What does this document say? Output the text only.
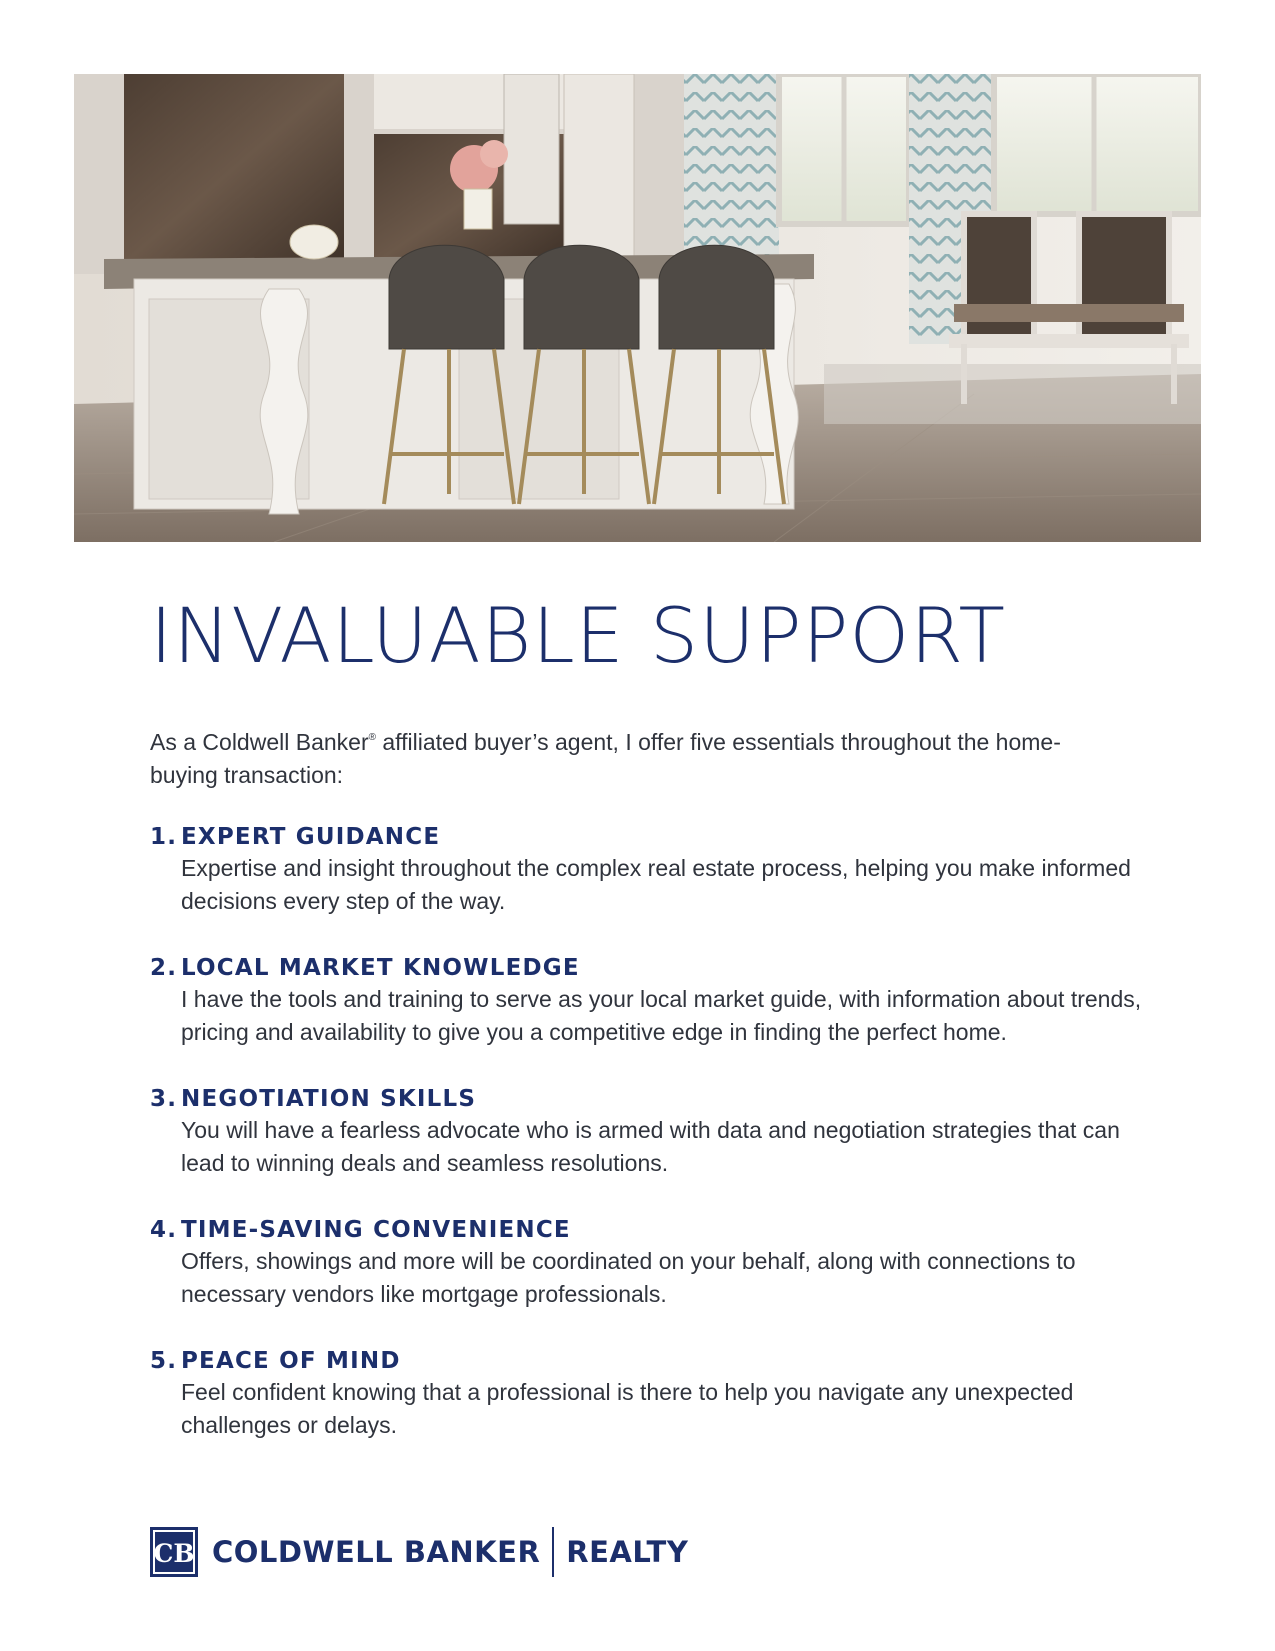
INVALUABLE SUPPORT

As a Coldwell Banker® affiliated buyer’s agent, I offer five essentials throughout the home-buying transaction:

1. EXPERT GUIDANCE
Expertise and insight throughout the complex real estate process, helping you make informed decisions every step of the way.
2. LOCAL MARKET KNOWLEDGE
I have the tools and training to serve as your local market guide, with information about trends, pricing and availability to give you a competitive edge in finding the perfect home.
3. NEGOTIATION SKILLS
You will have a fearless advocate who is armed with data and negotiation strategies that can lead to winning deals and seamless resolutions.
4. TIME-SAVING CONVENIENCE
Offers, showings and more will be coordinated on your behalf, along with connections to necessary vendors like mortgage professionals.
5. PEACE OF MIND
Feel confident knowing that a professional is there to help you navigate any unexpected challenges or delays.
CB COLDWELL BANKER REALTY
